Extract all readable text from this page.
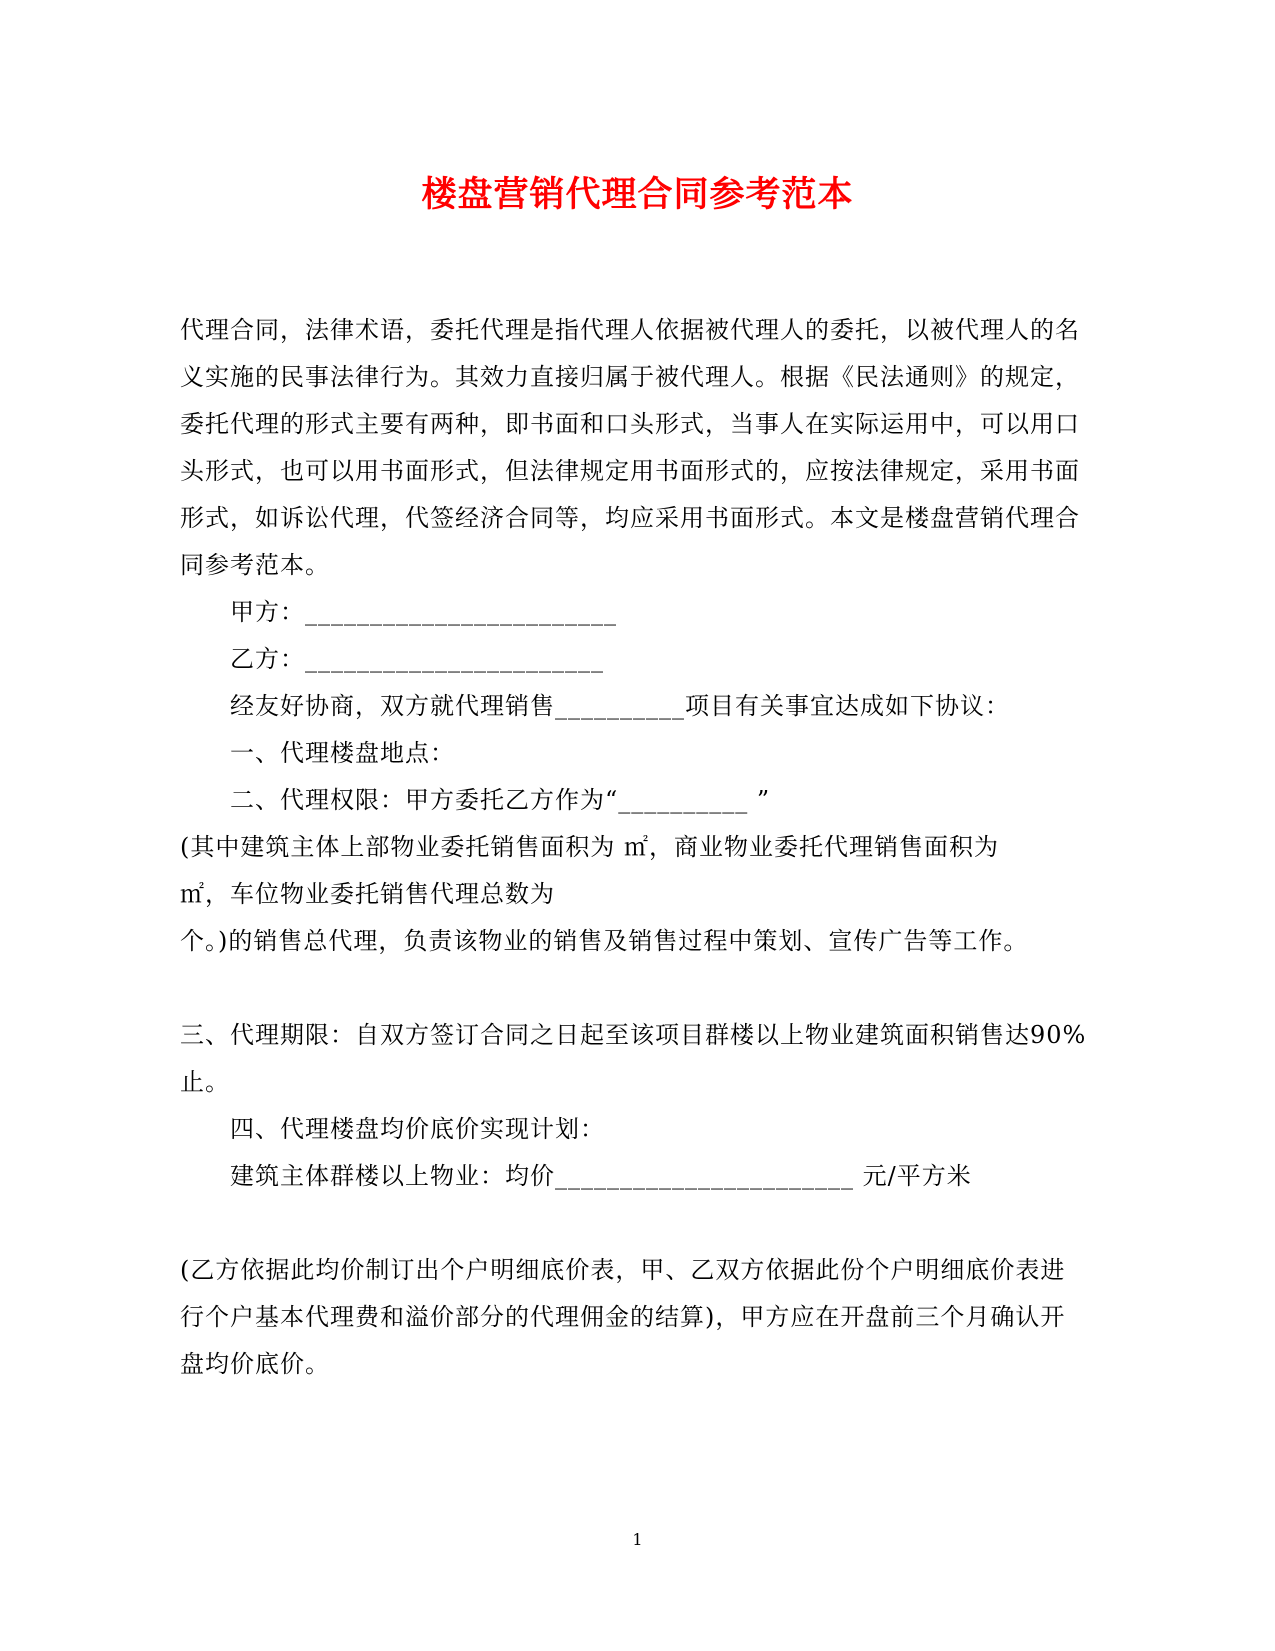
楼盘营销代理合同参考范本
代理合同，法律术语，委托代理是指代理人依据被代理人的委托，以被代理人的名
义实施的民事法律行为。其效力直接归属于被代理人。根据《民法通则》的规定，
委托代理的形式主要有两种，即书面和口头形式，当事人在实际运用中，可以用口
头形式，也可以用书面形式，但法律规定用书面形式的，应按法律规定，采用书面
形式，如诉讼代理，代签经济合同等，均应采用书面形式。本文是楼盘营销代理合
同参考范本。
甲方：________________________
乙方：_______________________
经友好协商，双方就代理销售__________项目有关事宜达成如下协议：
一、代理楼盘地点：
二、代理权限：甲方委托乙方作为“__________ ”
(其中建筑主体上部物业委托销售面积为 ㎡，商业物业委托代理销售面积为
㎡，车位物业委托销售代理总数为
个。)的销售总代理，负责该物业的销售及销售过程中策划、宣传广告等工作。
三、代理期限：自双方签订合同之日起至该项目群楼以上物业建筑面积销售达90%
止。
四、代理楼盘均价底价实现计划：
建筑主体群楼以上物业：均价_______________________ 元/平方米
(乙方依据此均价制订出个户明细底价表，甲、乙双方依据此份个户明细底价表进
行个户基本代理费和溢价部分的代理佣金的结算)，甲方应在开盘前三个月确认开
盘均价底价。
1
